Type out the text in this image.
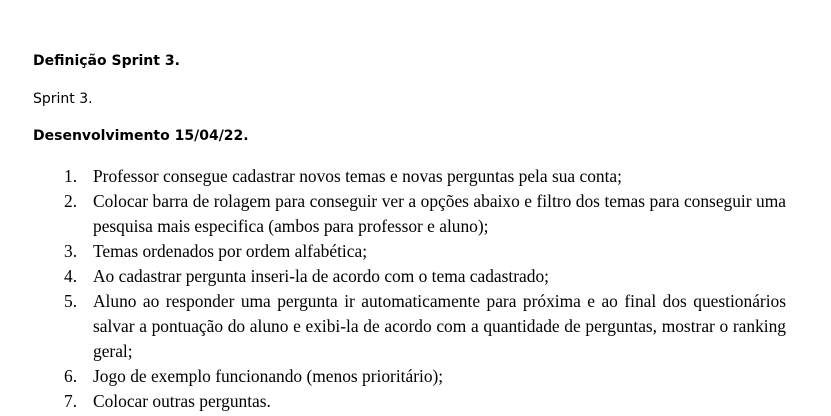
Definição Sprint 3.
Sprint 3.
Desenvolvimento 15/04/22.
1. Professor consegue cadastrar novos temas e novas perguntas pela sua conta;
2. Colocar barra de rolagem para conseguir ver a opções abaixo e filtro dos temas para conseguir uma pesquisa mais especifica (ambos para professor e aluno);
3. Temas ordenados por ordem alfabética;
4. Ao cadastrar pergunta inseri-la de acordo com o tema cadastrado;
5. Aluno ao responder uma pergunta ir automaticamente para próxima e ao final dos questionários salvar a pontuação do aluno e exibi-la de acordo com a quantidade de perguntas, mostrar o ranking geral;
6. Jogo de exemplo funcionando (menos prioritário);
7. Colocar outras perguntas.
